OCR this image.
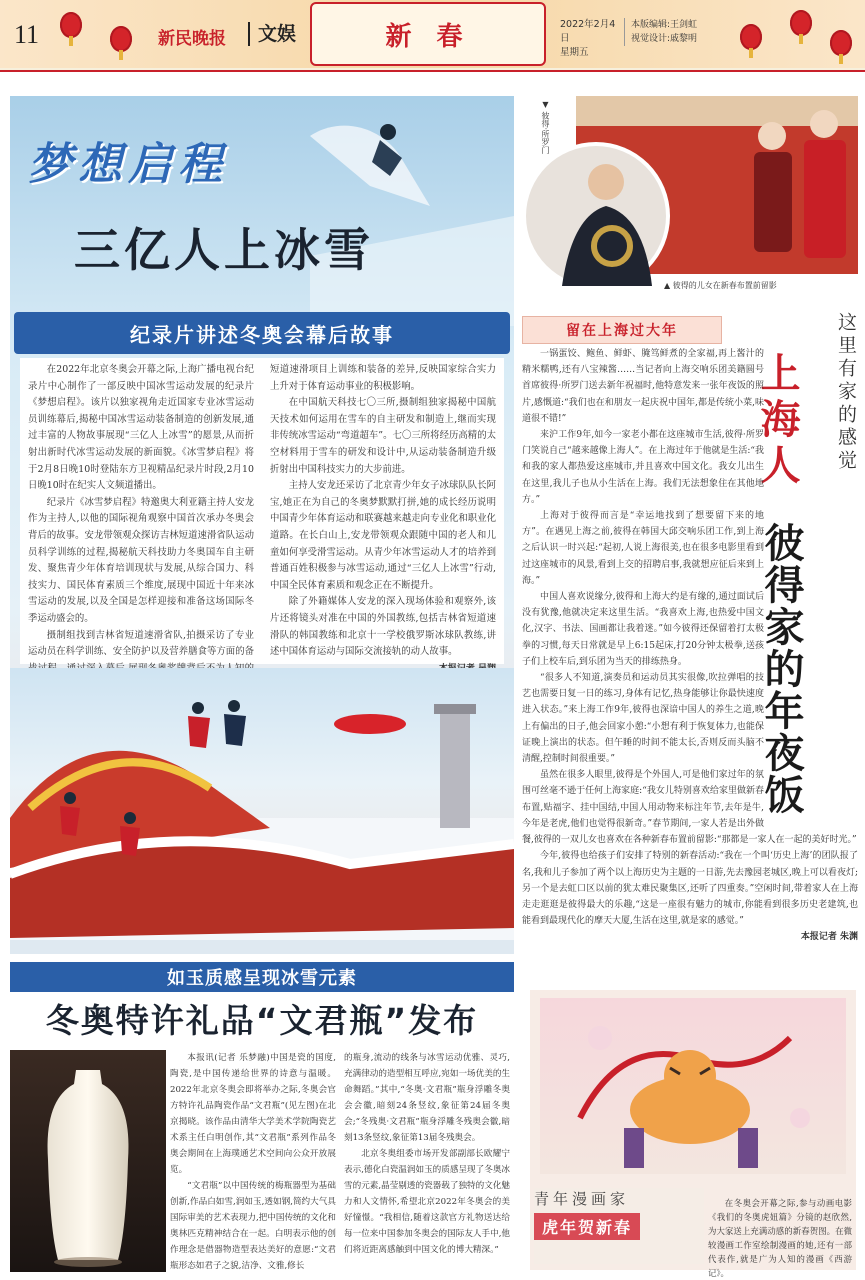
11	新民晚报	文娱	新 春	2022年2月4日
星期五
本版编辑:王剑虹
视觉设计:戚黎明
梦想启程
三亿人上冰雪
纪录片讲述冬奥会幕后故事

在2022年北京冬奥会开幕之际,上海广播电视台纪录片中心制作了一部反映中国冰雪运动发展的纪录片《梦想启程》。该片以独家视角走近国家专业冰雪运动员训练幕后,揭秘中国冰雪运动装备制造的创新发展,通过丰富的人物故事展现“三亿人上冰雪”的愿景,从而折射出新时代冰雪运动发展的新面貌。《冰雪梦启程》将于2月8日晚10时登陆东方卫视精品纪录片时段,2月10日晚10时在纪实人文频道播出。

纪录片《冰雪梦启程》特邀奥大利亚籍主持人安龙作为主持人,以他的国际视角观察中国首次承办冬奥会背后的故事。安龙带领观众探访吉林短道速滑省队运动员科学训练的过程,揭秘航天科技助力冬奥国车自主研发、聚焦青少年体育培训现状与发展,从综合国力、科技实力、国民体育素质三个维度,展现中国近十年来冰雪运动的发展,以及全国是怎样迎接和准备这场国际冬季运动盛会的。

摄制组找到吉林省短道速滑省队,拍摄采访了专业运动员在科学训练、安全防护以及营养膳食等方面的备

短道速滑项目上训练和装备的差异,反映国家综合实力上升对于体育运动事业的积极影响。

在中国航天科技七〇三所,摄制组独家揭秘中国航天技术如何运用在雪车的自主研发和制造上,继而实现非传统冰雪运动“弯道超车”。七〇三所将经历高精的太空材料用于雪车的研发和设计中,从运动装备制造升级折射出中国科技实力的大步前进。

主持人安龙还采访了北京青少年女子冰球队队长阿宝,她正在为自己的冬奥梦默默打拼,她的成长经历说明中国青少年体育运动和联赛越来越走向专业化和职业化道路。在长白山上,安龙带领观众跟随中国的老人和儿童如何享受滑雪运动。从青少年冰雪运动人才的培养到普通百姓积极参与冰雪运动,通过“三亿人上冰雪”行动,中国全民体育素质和观念正在不断提升。

除了外籍媒体人安龙的深入现场体验和观察外,该片还将镜头对准在中国的外国教练,包括吉林省短道速滑队的韩国教练和北京十一学校俄罗斯冰球队教练,讲述中国体育运动与国际交流接轨的动人故事。

如玉质感呈现冰雪元素
冬奥特许礼品“文君瓶”发布

本报讯(记者 乐梦融)中国是瓷的国度,陶瓷,是中国传递给世界的诗意与温暖。2022年北京冬奥会即将举办之际,冬奥会官方特许礼品陶瓷作品“文君瓶”(见左图)在北京揭晓。该作品由清华大学美术学院陶瓷艺术系主任白明创作,其“文君瓶”系列作品冬奥会期间在上海璞通艺术空间向公众开放展览。

“文君瓶”以中国传统的梅瓶器型为基础创新,作品白如雪,润如玉,透如钢,简约大气具国际审美的艺术表现力,把中国传统的文化和奥林匹克精神结合在一起。白明表示他的创作理念是借器物造型表达美好的意愿:“文君瓶形态如君子之貌,洁净、文雅,修长

的瓶身,流动的线条与冰雪运动优雅、灵巧,充满律动的造型相互呼应,宛如一场优美的生命舞蹈。”其中,“冬奥·文君瓶”瓶身浮雕冬奥会会徽,暗刻24条竖纹,象征第24届冬奥会;“冬残奥·文君瓶”瓶身浮雕冬残奥会徽,暗刻13条竖纹,象征第13届冬残奥会。

北京冬奥组委市场开发部副部长欧耀宁表示,德化白瓷温润如玉的质感呈现了冬奥冰雪的元素,晶莹剔透的瓷器载了独特的文化魅力和人文情怀,希望北京2022年冬奥会的美好憧憬。“我相信,随着这款官方礼物送达给每一位来中国参加冬奥会的国际友人手中,他们将近距离感触到中国文化的博大精深。”

▼ 彼得·所罗门
▲ 彼得的儿女在新春布置前留影
留在上海过大年	这里有家的感觉
上海人
彼得家的年夜饭

一锅蛋饺、鲍鱼、鲜虾、腌笃鲜煮的全家福,再上酱汁的精米糯鸭,还有八宝辣酱……当记者向上海交响乐团美籍圆号首席彼得·所罗门送去新年祝福时,他特意发来一张年夜饭的照片,感慨道:“我们也在和朋友一起庆祝中国年,都是传统小菜,味道很不错!”

来沪工作9年,如今一家老小都在这座城市生活,彼得·所罗门笑说自己“越来越像上海人”。在上海过年于他就是生活:“我和我的家人都热爱这座城市,并且喜欢中国文化。我女儿出生在这里,我儿子也从小生活在上海。我们无法想象住在其他地方。”

上海对于彼得而言是“幸运地找到了想要留下来的地方”。在遇见上海之前,彼得在韩国大邱交响乐团工作,到上海之后认识一时兴起:“起初,人说上海很美,也在很多电影里看到过这座城市的风景,看到上交的招聘启事,我就想应征后来到上海。”

中国人喜欢说缘分,彼得和上海大约是有缘的,通过面试后没有犹豫,他就决定来这里生活。“我喜欢上海,也热爱中国文化,汉字、书法、国画都让我着迷。”如今彼得还保留着打太极拳的习惯,每天日常就是早上6:15起床,打20分钟太极拳,送孩子们上校车后,到乐团为当天的排练热身。

“很多人不知道,演奏员和运动员其实很像,吹拉弹唱的技艺也需要日复一日的练习,身体有记忆,热身能够让你最快速度进入状态。”来上海工作9年,彼得也深谙中国人的养生之道,晚上有偏出的日子,他会回家小憩:“小想有利于恢复体力,也能保证晚上演出的状态。但午睡的时间不能太长,否则反而头脑不清醒,控制时间很重要。”

虽然在很多人眼里,彼得是个外国人,可是他们家过年的氛围可丝毫不逊于任何上海家庭:“我女儿特别喜欢给家里做新春布置,贴福字、挂中国结,中国人用动物来标注年节,去年是牛,今年是老虎,他们也觉得很新奇。”春节期间,一家人若是出外做餐,彼得的一双儿女也喜欢在各种新春布置前留影:“那都是一家人在一起的美好时光。”

今年,彼得也给孩子们安排了特别的新春活动:“我在一个叫‘历史上海’的团队报了名,我和儿子参加了两个以上海历史为主题的一日游,先去豫园老城区,晚上可以看夜灯;另一个是去虹口区以前的犹太难民聚集区,还听了四重奏。”空闲时间,带着家人在上海走走逛逛是彼得最大的乐趣,“这是一座很有魅力的城市,你能看到很多历史老建筑,也能看到最现代化的摩天大厦,生活在这里,就是家的感觉。”

本报记者 朱渊
青年漫画家
虎年贺新春

在冬奥会开幕之际,参与动画电影《我们的冬奥虎妞篇》分镜的赵欣然,为大家送上充满动感的新春贺图。在微较漫画工作室绘制漫画的她,还有一部代表作,就是广为人知的漫画《西游记》。
